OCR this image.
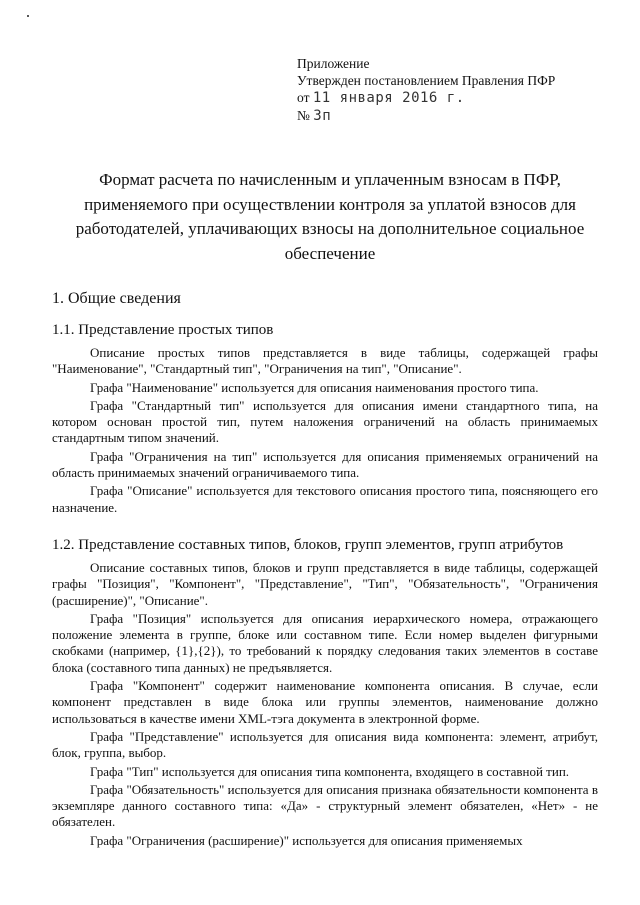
Приложение
Утвержден постановлением Правления ПФР
от 11 января 2016 г.
№ 3п
Формат расчета по начисленным и уплаченным взносам в ПФР,
применяемого при осуществлении контроля за уплатой взносов для
работодателей, уплачивающих взносы на дополнительное социальное
обеспечение
1. Общие сведения
1.1. Представление простых типов

Описание простых типов представляется в виде таблицы, содержащей графы "Наименование", "Стандартный тип", "Ограничения на тип", "Описание".

Графа "Наименование" используется для описания наименования простого типа.

Графа "Стандартный тип" используется для описания имени стандартного типа, на котором основан простой тип, путем наложения ограничений на область принимаемых стандартным типом значений.

Графа "Ограничения на тип" используется для описания применяемых ограничений на область принимаемых значений ограничиваемого типа.

Графа "Описание" используется для текстового описания простого типа, поясняющего его назначение.

1.2. Представление составных типов, блоков, групп элементов, групп атрибутов

Описание составных типов, блоков и групп представляется в виде таблицы, содержащей графы "Позиция", "Компонент", "Представление", "Тип", "Обязательность", "Ограничения (расширение)", "Описание".

Графа "Позиция" используется для описания иерархического номера, отражающего положение элемента в группе, блоке или составном типе. Если номер выделен фигурными скобками (например, {1},{2}), то требований к порядку следования таких элементов в составе блока (составного типа данных) не предъявляется.

Графа "Компонент" содержит наименование компонента описания. В случае, если компонент представлен в виде блока или группы элементов, наименование должно использоваться в качестве имени XML-тэга документа в электронной форме.

Графа "Представление" используется для описания вида компонента: элемент, атрибут, блок, группа, выбор.

Графа "Тип" используется для описания типа компонента, входящего в составной тип.

Графа "Обязательность" используется для описания признака обязательности компонента в экземпляре данного составного типа: «Да» - структурный элемент обязателен, «Нет» - не обязателен.

Графа "Ограничения (расширение)" используется для описания применяемых
